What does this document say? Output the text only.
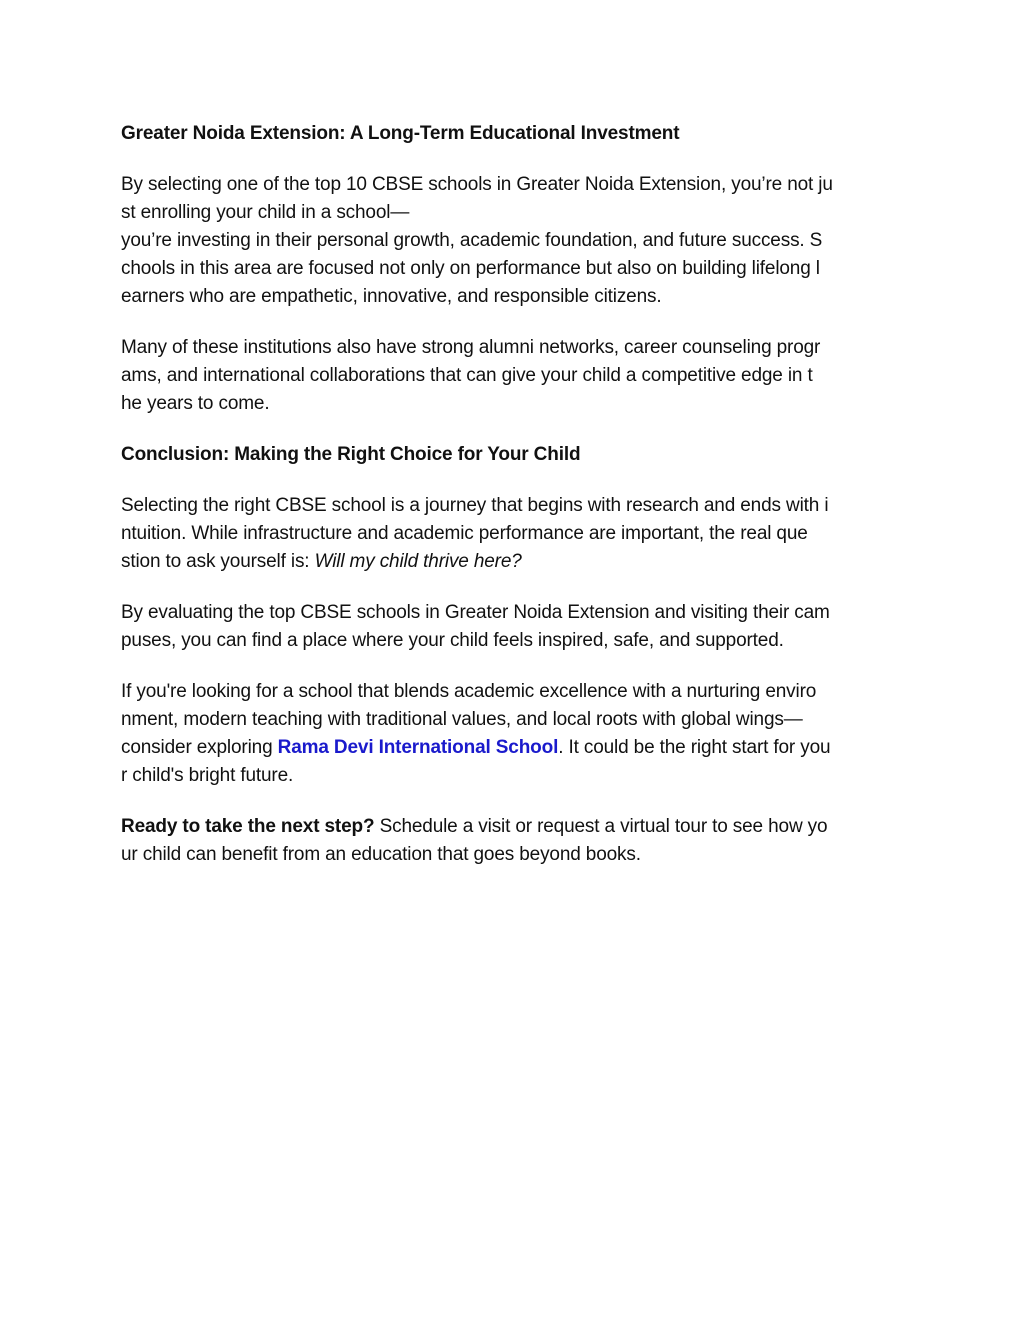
Greater Noida Extension: A Long-Term Educational Investment
By selecting one of the top 10 CBSE schools in Greater Noida Extension, you’re not ju
st enrolling your child in a school—
you’re investing in their personal growth, academic foundation, and future success. S
chools in this area are focused not only on performance but also on building lifelong l
earners who are empathetic, innovative, and responsible citizens.
Many of these institutions also have strong alumni networks, career counseling progr
ams, and international collaborations that can give your child a competitive edge in t
he years to come.
Conclusion: Making the Right Choice for Your Child
Selecting the right CBSE school is a journey that begins with research and ends with i
ntuition. While infrastructure and academic performance are important, the real que
stion to ask yourself is: Will my child thrive here?
By evaluating the top CBSE schools in Greater Noida Extension and visiting their cam
puses, you can find a place where your child feels inspired, safe, and supported.
If you're looking for a school that blends academic excellence with a nurturing enviro
nment, modern teaching with traditional values, and local roots with global wings—
consider exploring Rama Devi International School. It could be the right start for you
r child's bright future.
Ready to take the next step? Schedule a visit or request a virtual tour to see how yo
ur child can benefit from an education that goes beyond books.
